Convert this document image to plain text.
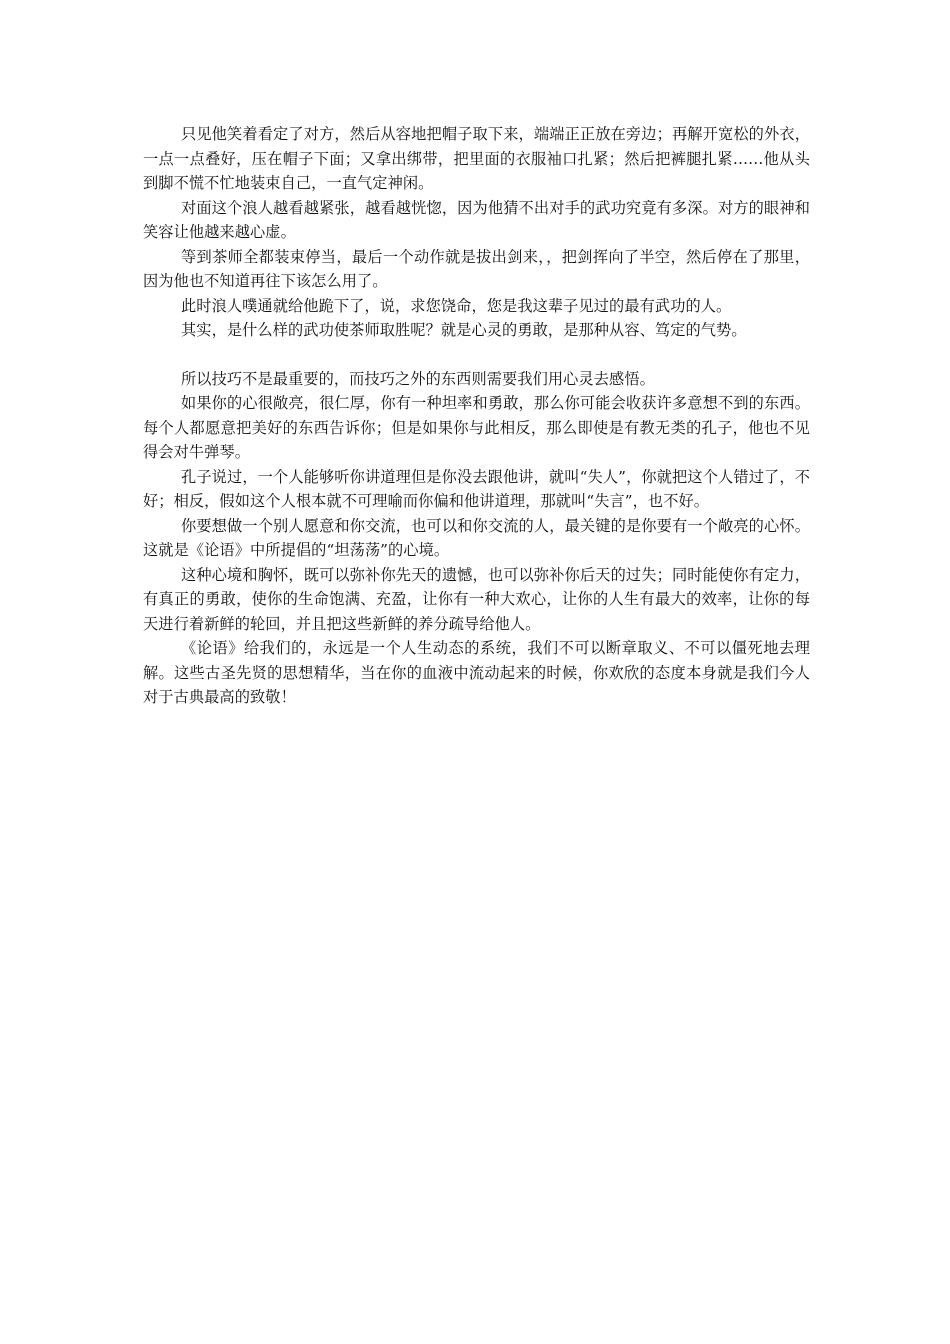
只见他笑着看定了对方，然后从容地把帽子取下来，端端正正放在旁边；再解开宽松的外衣，一点一点叠好，压在帽子下面；又拿出绑带，把里面的衣服袖口扎紧；然后把裤腿扎紧……他从头到脚不慌不忙地装束自己，一直气定神闲。

对面这个浪人越看越紧张，越看越恍惚，因为他猜不出对手的武功究竟有多深。对方的眼神和笑容让他越来越心虚。

等到茶师全都装束停当，最后一个动作就是拔出剑来，，把剑挥向了半空，然后停在了那里，因为他也不知道再往下该怎么用了。

此时浪人噗通就给他跪下了，说，求您饶命，您是我这辈子见过的最有武功的人。

其实，是什么样的武功使茶师取胜呢？就是心灵的勇敢，是那种从容、笃定的气势。

所以技巧不是最重要的，而技巧之外的东西则需要我们用心灵去感悟。

如果你的心很敞亮，很仁厚，你有一种坦率和勇敢，那么你可能会收获许多意想不到的东西。每个人都愿意把美好的东西告诉你；但是如果你与此相反，那么即使是有教无类的孔子，他也不见得会对牛弹琴。

孔子说过，一个人能够听你讲道理但是你没去跟他讲，就叫“失人”，你就把这个人错过了，不好；相反，假如这个人根本就不可理喻而你偏和他讲道理，那就叫“失言”，也不好。

你要想做一个别人愿意和你交流，也可以和你交流的人，最关键的是你要有一个敞亮的心怀。这就是《论语》中所提倡的“坦荡荡”的心境。

这种心境和胸怀，既可以弥补你先天的遗憾，也可以弥补你后天的过失；同时能使你有定力，有真正的勇敢，使你的生命饱满、充盈，让你有一种大欢心，让你的人生有最大的效率，让你的每天进行着新鲜的轮回，并且把这些新鲜的养分疏导给他人。

《论语》给我们的，永远是一个人生动态的系统，我们不可以断章取义、不可以僵死地去理解。这些古圣先贤的思想精华，当在你的血液中流动起来的时候，你欢欣的态度本身就是我们今人对于古典最高的致敬！
